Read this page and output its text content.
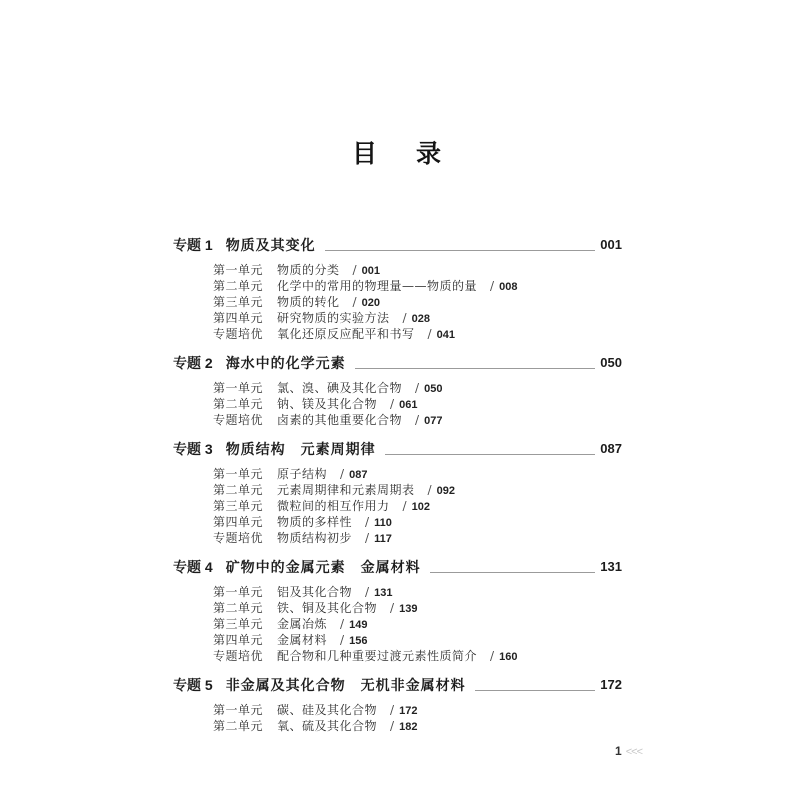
目　录
专题 1 物质及其变化	001
第一单元 物质的分类 / 001
第二单元 化学中的常用的物理量——物质的量 / 008
第三单元 物质的转化 / 020
第四单元 研究物质的实验方法 / 028
专题培优 氧化还原反应配平和书写 / 041
专题 2 海水中的化学元素	050
第一单元 氯、溴、碘及其化合物 / 050
第二单元 钠、镁及其化合物 / 061
专题培优 卤素的其他重要化合物 / 077
专题 3 物质结构　元素周期律	087
第一单元 原子结构 / 087
第二单元 元素周期律和元素周期表 / 092
第三单元 微粒间的相互作用力 / 102
第四单元 物质的多样性 / 110
专题培优 物质结构初步 / 117
专题 4 矿物中的金属元素　金属材料	131
第一单元 铝及其化合物 / 131
第二单元 铁、铜及其化合物 / 139
第三单元 金属冶炼 / 149
第四单元 金属材料 / 156
专题培优 配合物和几种重要过渡元素性质简介 / 160
专题 5 非金属及其化合物　无机非金属材料	172
第一单元 碳、硅及其化合物 / 172
第二单元 氧、硫及其化合物 / 182
1 <<<
